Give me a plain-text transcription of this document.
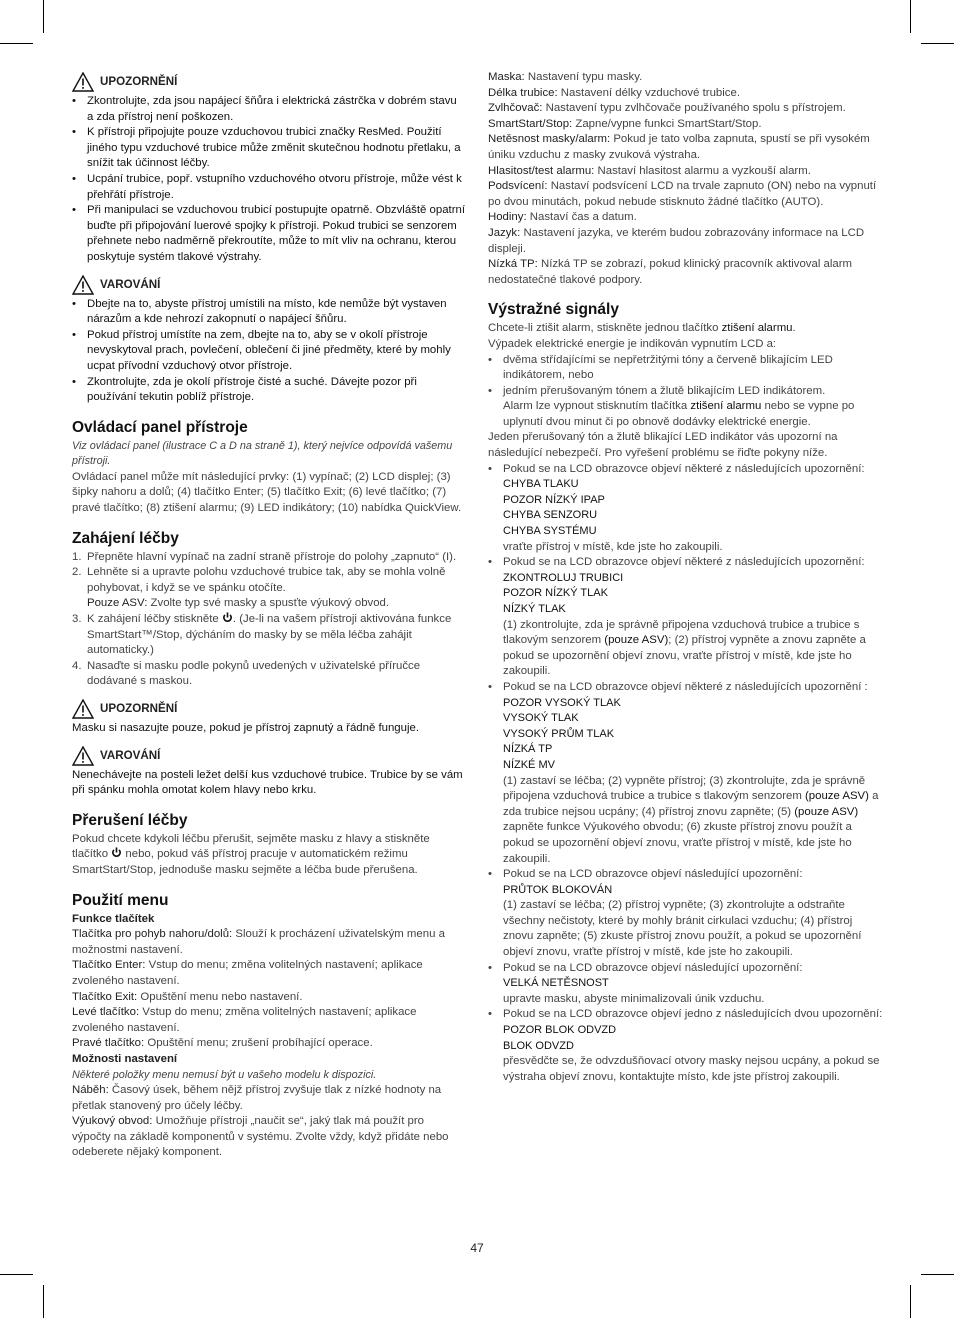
UPOZORNĚNÍ
• Zkontrolujte, zda jsou napájecí šňůra i elektrická zástrčka v dobrém stavu a zda přístroj není poškozen.
• K přístroji připojujte pouze vzduchovou trubici značky ResMed. Použití jiného typu vzduchové trubice může změnit skutečnou hodnotu přetlaku, a snížit tak účinnost léčby.
• Ucpání trubice, popř. vstupního vzduchového otvoru přístroje, může vést k přehřátí přístroje.
• Při manipulaci se vzduchovou trubicí postupujte opatrně. Obzvláště opatrní buďte při připojování luerové spojky k přístroji. Pokud trubici se senzorem přehnete nebo nadměrně překroutíte, může to mít vliv na ochranu, kterou poskytuje systém tlakové výstrahy.
VAROVÁNÍ
• Dbejte na to, abyste přístroj umístili na místo, kde nemůže být vystaven nárazům a kde nehrozí zakopnutí o napájecí šňůru.
• Pokud přístroj umístíte na zem, dbejte na to, aby se v okolí přístroje nevyskytoval prach, povlečení, oblečení či jiné předměty, které by mohly ucpat přívodní vzduchový otvor přístroje.
• Zkontrolujte, zda je okolí přístroje čisté a suché. Dávejte pozor při používání tekutin poblíž přístroje.
Ovládací panel přístroje

Viz ovládací panel (ilustrace C a D na straně 1), který nejvíce odpovídá vašemu přístroji.

Ovládací panel může mít následující prvky: (1) vypínač; (2) LCD displej; (3) šipky nahoru a dolů; (4) tlačítko Enter; (5) tlačítko Exit; (6) levé tlačítko; (7) pravé tlačítko; (8) ztišení alarmu; (9) LED indikátory; (10) nabídka QuickView.

Zahájení léčby
1. Přepněte hlavní vypínač na zadní straně přístroje do polohy „zapnuto“ (I).
2. Lehněte si a upravte polohu vzduchové trubice tak, aby se mohla volně pohybovat, i když se ve spánku otočíte.
Pouze ASV: Zvolte typ své masky a spusťte výukový obvod.
3. K zahájení léčby stiskněte . (Je-li na vašem přístroji aktivována funkce SmartStart™/Stop, dýcháním do masky by se měla léčba zahájit automaticky.)
4. Nasaďte si masku podle pokynů uvedených v uživatelské příručce dodávané s maskou.
UPOZORNĚNÍ

Masku si nasazujte pouze, pokud je přístroj zapnutý a řádně funguje.

VAROVÁNÍ

Nenechávejte na posteli ležet delší kus vzduchové trubice. Trubice by se vám při spánku mohla omotat kolem hlavy nebo krku.

Přerušení léčby

Pokud chcete kdykoli léčbu přerušit, sejměte masku z hlavy a stiskněte tlačítko  nebo, pokud váš přístroj pracuje v automatickém režimu SmartStart/Stop, jednoduše masku sejměte a léčba bude přerušena.

Použití menu

Funkce tlačítek

Tlačítka pro pohyb nahoru/dolů: Slouží k procházení uživatelským menu a možnostmi nastavení.

Tlačítko Enter: Vstup do menu; změna volitelných nastavení; aplikace zvoleného nastavení.

Tlačítko Exit: Opuštění menu nebo nastavení.

Levé tlačítko: Vstup do menu; změna volitelných nastavení; aplikace zvoleného nastavení.

Pravé tlačítko: Opuštění menu; zrušení probíhající operace.

Možnosti nastavení

Některé položky menu nemusí být u vašeho modelu k dispozici.

Náběh: Časový úsek, během nějž přístroj zvyšuje tlak z nízké hodnoty na přetlak stanovený pro účely léčby.

Výukový obvod: Umožňuje přístroji „naučit se“, jaký tlak má použít pro výpočty na základě komponentů v systému. Zvolte vždy, když přidáte nebo odeberete nějaký komponent.

Maska: Nastavení typu masky.

Délka trubice: Nastavení délky vzduchové trubice.

Zvlhčovač: Nastavení typu zvlhčovače používaného spolu s přístrojem.

SmartStart/Stop: Zapne/vypne funkci SmartStart/Stop.

Netěsnost masky/alarm: Pokud je tato volba zapnuta, spustí se při vysokém úniku vzduchu z masky zvuková výstraha.

Hlasitost/test alarmu: Nastaví hlasitost alarmu a vyzkouší alarm.

Podsvícení: Nastaví podsvícení LCD na trvale zapnuto (ON) nebo na vypnutí po dvou minutách, pokud nebude stisknuto žádné tlačítko (AUTO).

Hodiny: Nastaví čas a datum.

Jazyk: Nastavení jazyka, ve kterém budou zobrazovány informace na LCD displeji.

Nízká TP: Nízká TP se zobrazí, pokud klinický pracovník aktivoval alarm nedostatečné tlakové podpory.

Výstražné signály

Chcete-li ztišit alarm, stiskněte jednou tlačítko ztišení alarmu.

Výpadek elektrické energie je indikován vypnutím LCD a:

• dvěma střídajícími se nepřetržitými tóny a červeně blikajícím LED indikátorem, nebo
• jedním přerušovaným tónem a žlutě blikajícím LED indikátorem.
Alarm lze vypnout stisknutím tlačítka ztišení alarmu nebo se vypne po uplynutí dvou minut či po obnově dodávky elektrické energie.

Jeden přerušovaný tón a žlutě blikající LED indikátor vás upozorní na následující nebezpečí. Pro vyřešení problému se řiďte pokyny níže.

• Pokud se na LCD obrazovce objeví některé z následujících upozornění:
CHYBA TLAKU
POZOR NÍZKÝ IPAP
CHYBA SENZORU
CHYBA SYSTÉMU
vraťte přístroj v místě, kde jste ho zakoupili.
• Pokud se na LCD obrazovce objeví některé z následujících upozornění:
ZKONTROLUJ TRUBICI
POZOR NÍZKÝ TLAK
NÍZKÝ TLAK
(1) zkontrolujte, zda je správně připojena vzduchová trubice a trubice s tlakovým senzorem (pouze ASV); (2) přístroj vypněte a znovu zapněte a pokud se upozornění objeví znovu, vraťte přístroj v místě, kde jste ho zakoupili.
• Pokud se na LCD obrazovce objeví některé z následujících upozornění :
POZOR VYSOKÝ TLAK
VYSOKÝ TLAK
VYSOKÝ PRŮM TLAK
NÍZKÁ TP
NÍZKÉ MV
(1) zastaví se léčba; (2) vypněte přístroj; (3) zkontrolujte, zda je správně připojena vzduchová trubice a trubice s tlakovým senzorem (pouze ASV) a zda trubice nejsou ucpány; (4) přístroj znovu zapněte; (5) (pouze ASV) zapněte funkce Výukového obvodu; (6) zkuste přístroj znovu použít a pokud se upozornění objeví znovu, vraťte přístroj v místě, kde jste ho zakoupili.
• Pokud se na LCD obrazovce objeví následující upozornění:
PRŮTOK BLOKOVÁN
(1) zastaví se léčba; (2) přístroj vypněte; (3) zkontrolujte a odstraňte všechny nečistoty, které by mohly bránit cirkulaci vzduchu; (4) přístroj znovu zapněte; (5) zkuste přístroj znovu použít, a pokud se upozornění objeví znovu, vraťte přístroj v místě, kde jste ho zakoupili.
• Pokud se na LCD obrazovce objeví následující upozornění:
VELKÁ NETĚSNOST
upravte masku, abyste minimalizovali únik vzduchu.
• Pokud se na LCD obrazovce objeví jedno z následujících dvou upozornění:
POZOR BLOK ODVZD
BLOK ODVZD
přesvědčte se, že odvzdušňovací otvory masky nejsou ucpány, a pokud se výstraha objeví znovu, kontaktujte místo, kde jste přístroj zakoupili.
47
